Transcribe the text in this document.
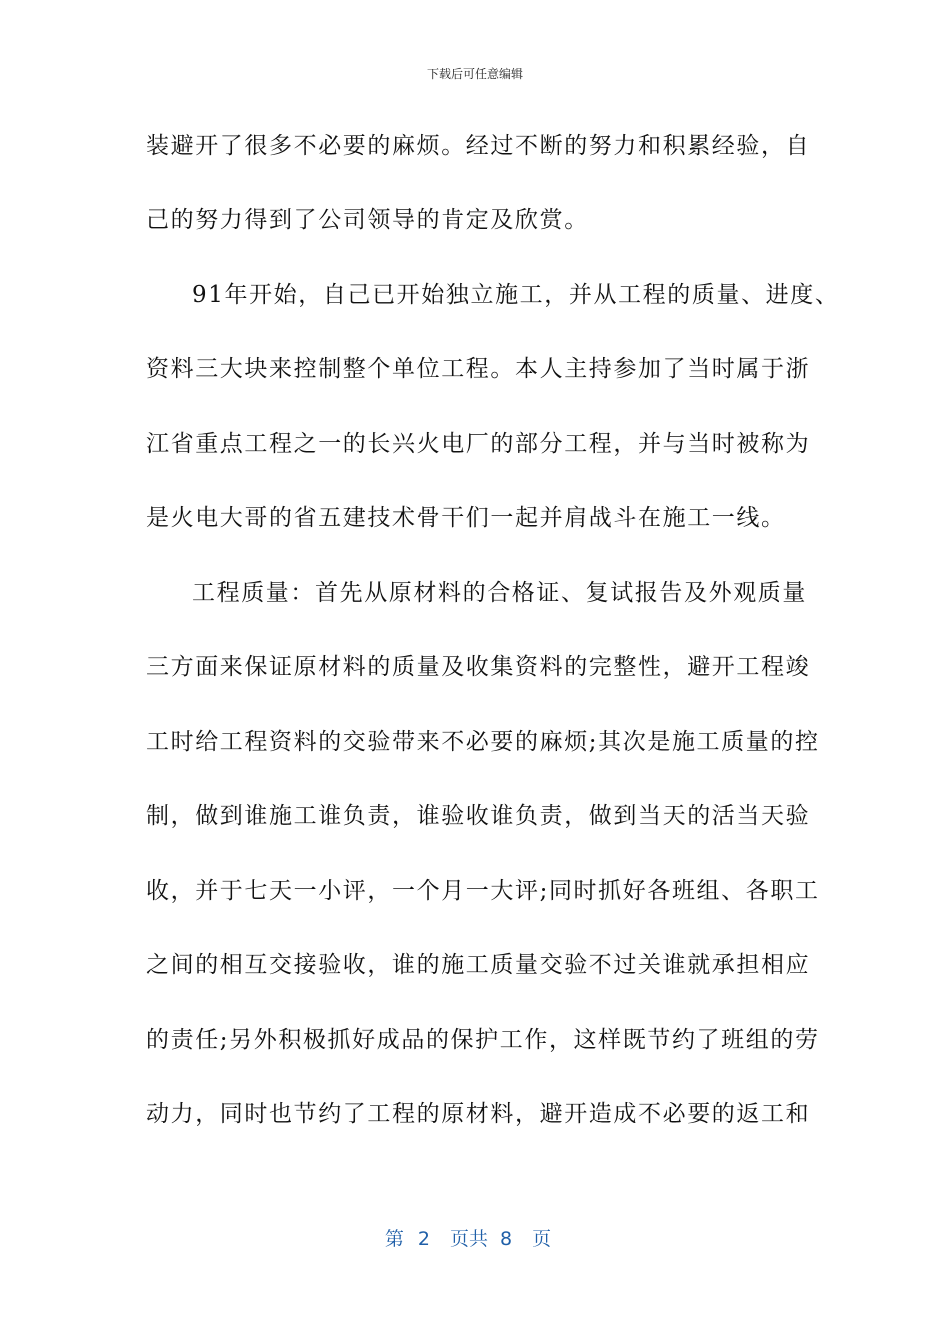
下载后可任意编辑
装避开了很多不必要的麻烦。经过不断的努力和积累经验，自
己的努力得到了公司领导的肯定及欣赏。
91年开始，自己已开始独立施工，并从工程的质量、进度、
资料三大块来控制整个单位工程。本人主持参加了当时属于浙
江省重点工程之一的长兴火电厂的部分工程，并与当时被称为
是火电大哥的省五建技术骨干们一起并肩战斗在施工一线。
工程质量：首先从原材料的合格证、复试报告及外观质量
三方面来保证原材料的质量及收集资料的完整性，避开工程竣
工时给工程资料的交验带来不必要的麻烦;其次是施工质量的控
制，做到谁施工谁负责，谁验收谁负责，做到当天的活当天验
收，并于七天一小评，一个月一大评;同时抓好各班组、各职工
之间的相互交接验收，谁的施工质量交验不过关谁就承担相应
的责任;另外积极抓好成品的保护工作，这样既节约了班组的劳
动力，同时也节约了工程的原材料，避开造成不必要的返工和
第 2 页共 8 页
